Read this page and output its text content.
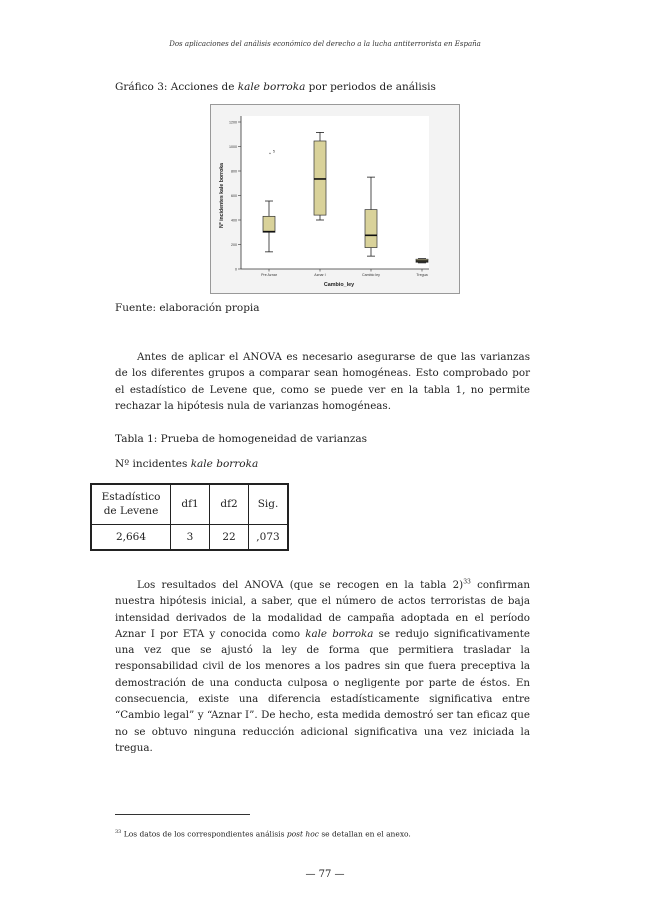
Dos aplicaciones del análisis económico del derecho a la lucha antiterrorista en España
Gráfico 3: Acciones de kale borroka por periodos de análisis
0
200
400
600
800
1000
1200
Nº incidentes kale borroka
Cambio_ley
Pre Aznar
* 5
Aznar I	Cambio ley	Tregua
Fuente: elaboración propia
Antes de aplicar el ANOVA es necesario asegurarse de que las varianzas de los diferentes grupos a comparar sean homogéneas. Esto comprobado por el estadístico de Levene que, como se puede ver en la tabla 1, no permite rechazar la hipótesis nula de varianzas homogéneas.
Tabla 1: Prueba de homogeneidad de varianzas
Nº incidentes kale borroka
Estadístico de Levene	df1	df2	Sig.
2,664	3	22	,073
Los resultados del ANOVA (que se recogen en la tabla 2)$^{33}$ confirman nuestra hipótesis inicial, a saber, que el número de actos terroristas de baja intensidad derivados de la modalidad de campaña adoptada en el período Aznar I por ETA y conocida como kale borroka se redujo significativamente una vez que se ajustó la ley de forma que permitiera trasladar la responsabilidad civil de los menores a los padres sin que fuera preceptiva la demostración de una conducta culposa o negligente por parte de éstos. En consecuencia, existe una diferencia estadísticamente significativa entre “Cambio legal” y “Aznar I”. De hecho, esta medida demostró ser tan eficaz que no se obtuvo ninguna reducción adicional significativa una vez iniciada la tregua.
$^{33}$ Los datos de los correspondientes análisis post hoc se detallan en el anexo.
— 77 —
